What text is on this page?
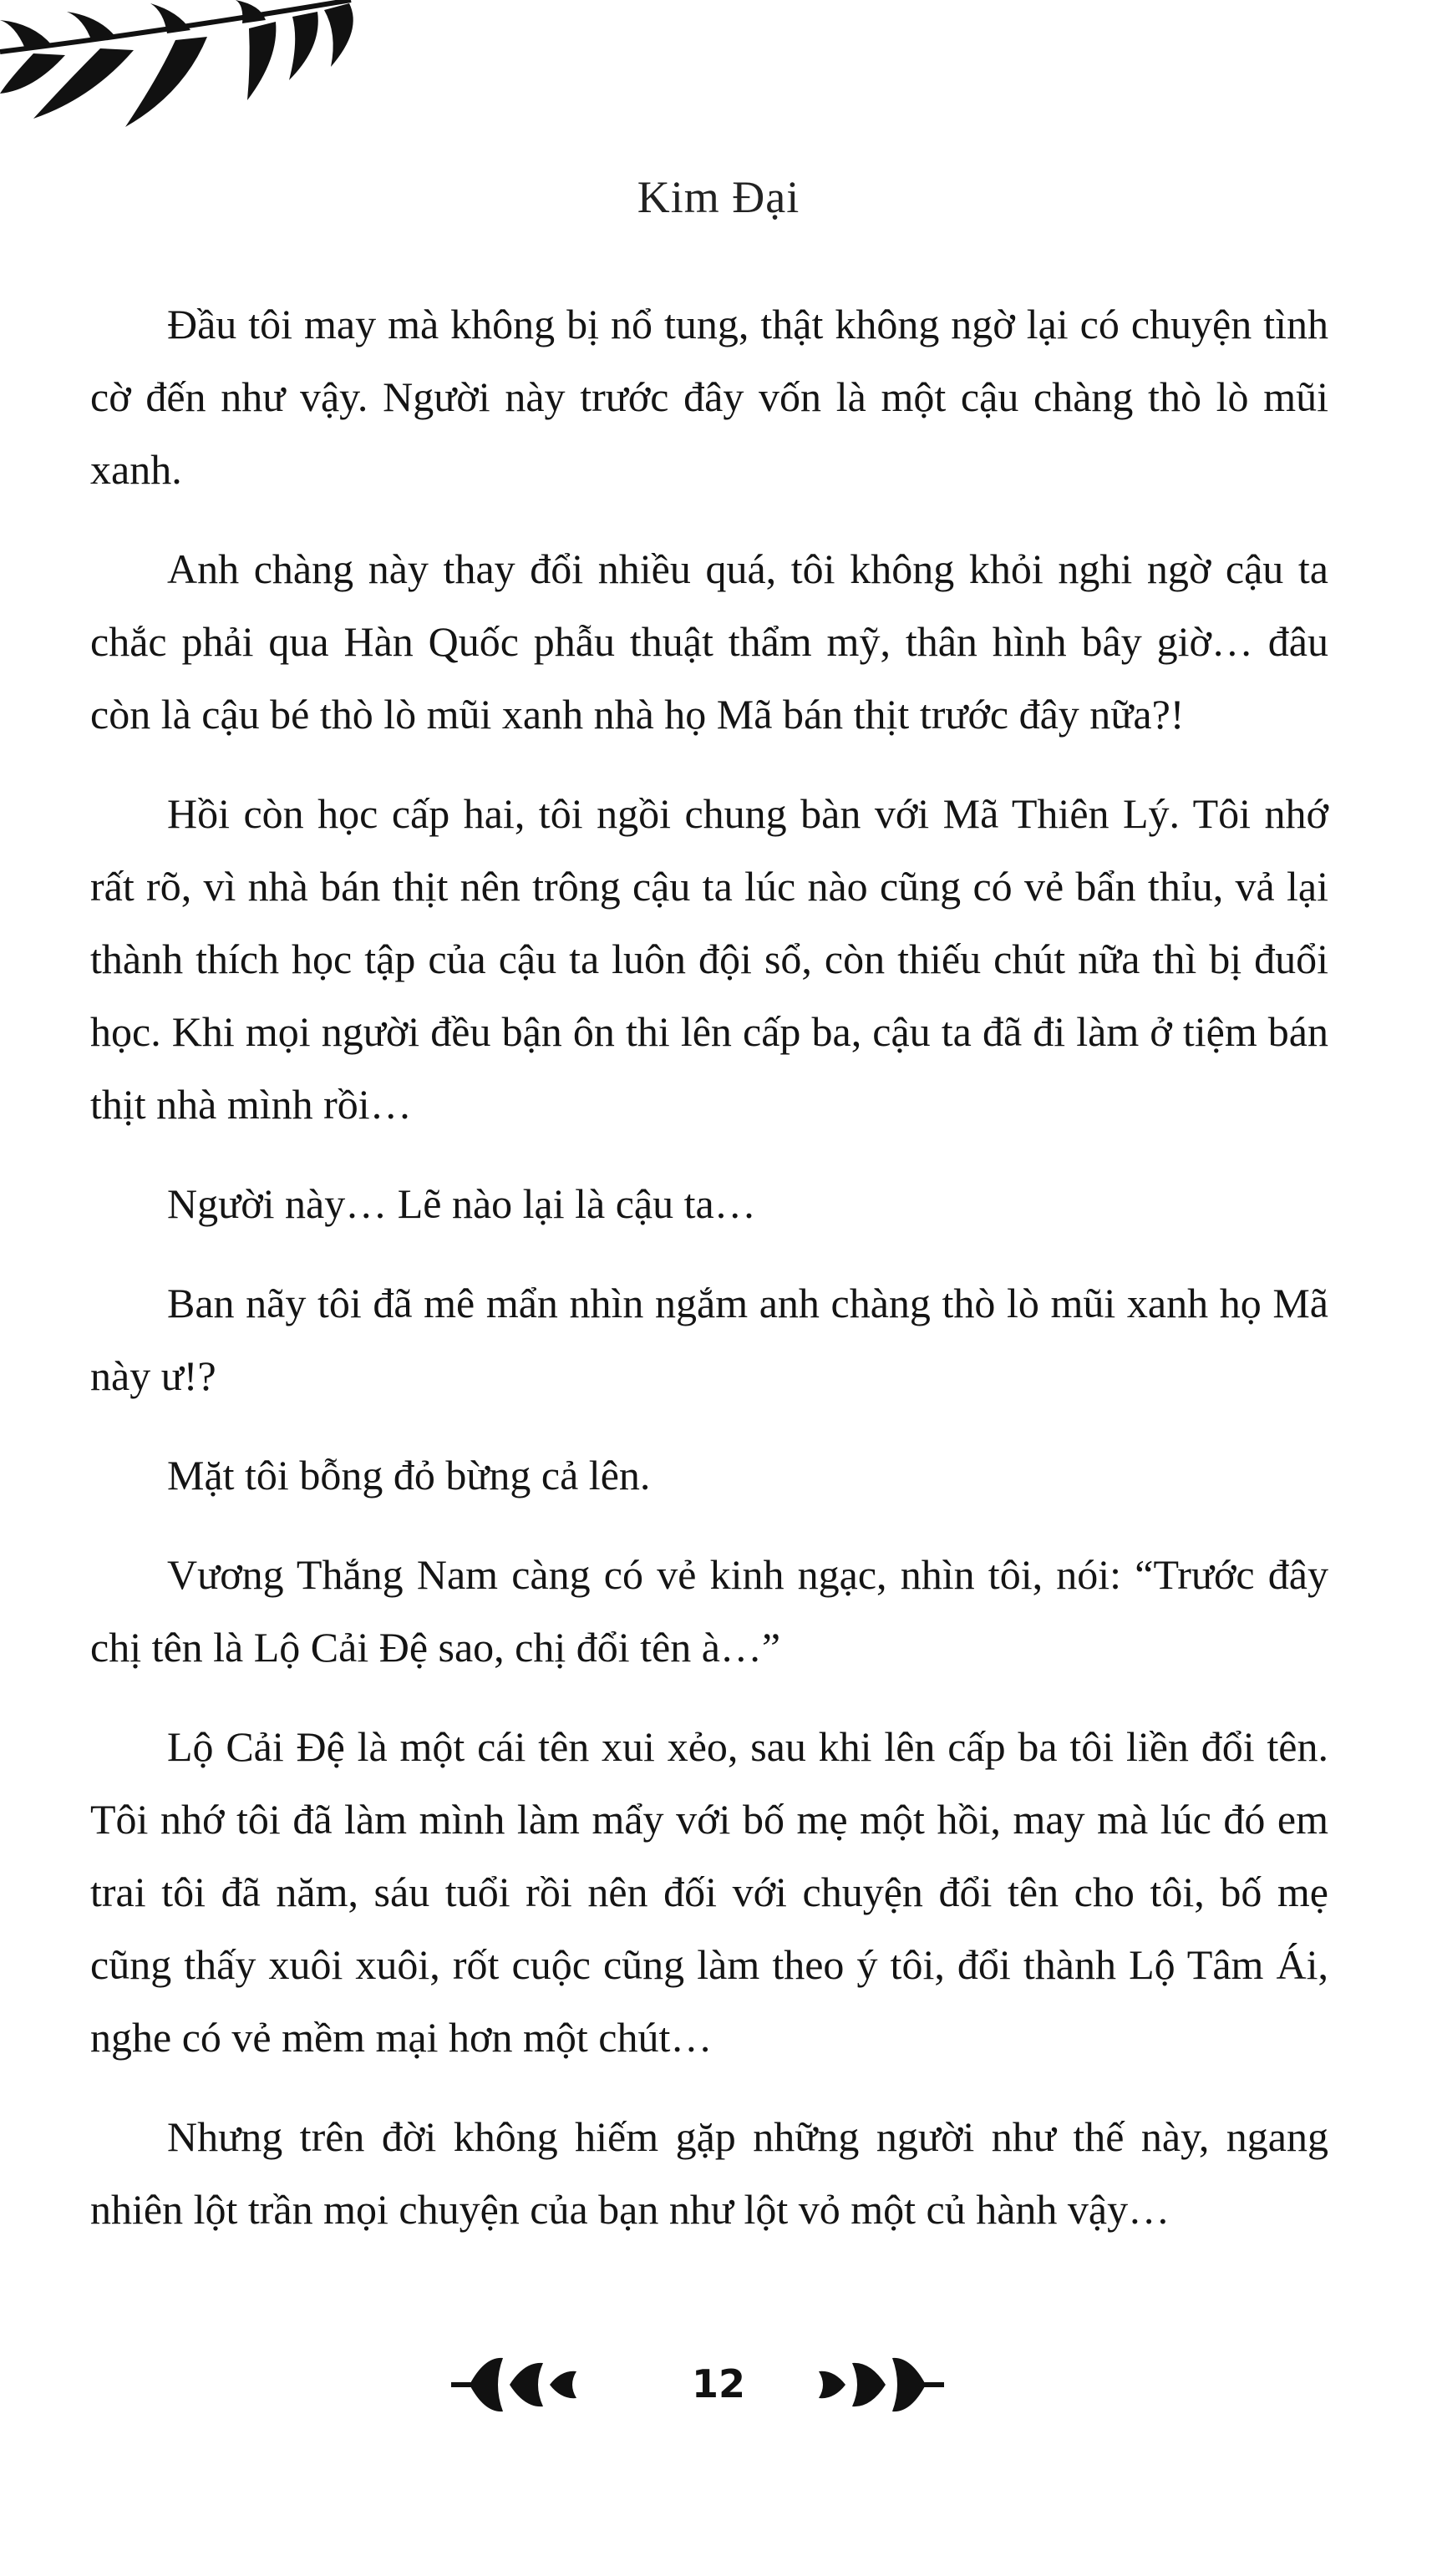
Kim Đại

Đầu tôi may mà không bị nổ tung, thật không ngờ lại có chuyện tình cờ đến như vậy. Người này trước đây vốn là một cậu chàng thò lò mũi xanh.

Anh chàng này thay đổi nhiều quá, tôi không khỏi nghi ngờ cậu ta chắc phải qua Hàn Quốc phẫu thuật thẩm mỹ, thân hình bây giờ… đâu còn là cậu bé thò lò mũi xanh nhà họ Mã bán thịt trước đây nữa?!

Hồi còn học cấp hai, tôi ngồi chung bàn với Mã Thiên Lý. Tôi nhớ rất rõ, vì nhà bán thịt nên trông cậu ta lúc nào cũng có vẻ bẩn thỉu, vả lại thành thích học tập của cậu ta luôn đội sổ, còn thiếu chút nữa thì bị đuổi học. Khi mọi người đều bận ôn thi lên cấp ba, cậu ta đã đi làm ở tiệm bán thịt nhà mình rồi…

Người này… Lẽ nào lại là cậu ta…

Ban nãy tôi đã mê mẩn nhìn ngắm anh chàng thò lò mũi xanh họ Mã này ư!?

Mặt tôi bỗng đỏ bừng cả lên.

Vương Thắng Nam càng có vẻ kinh ngạc, nhìn tôi, nói: “Trước đây chị tên là Lộ Cải Đệ sao, chị đổi tên à…”

Lộ Cải Đệ là một cái tên xui xẻo, sau khi lên cấp ba tôi liền đổi tên. Tôi nhớ tôi đã làm mình làm mẩy với bố mẹ một hồi, may mà lúc đó em trai tôi đã năm, sáu tuổi rồi nên đối với chuyện đổi tên cho tôi, bố mẹ cũng thấy xuôi xuôi, rốt cuộc cũng làm theo ý tôi, đổi thành Lộ Tâm Ái, nghe có vẻ mềm mại hơn một chút…

Nhưng trên đời không hiếm gặp những người như thế này, ngang nhiên lột trần mọi chuyện của bạn như lột vỏ một củ hành vậy…

12
